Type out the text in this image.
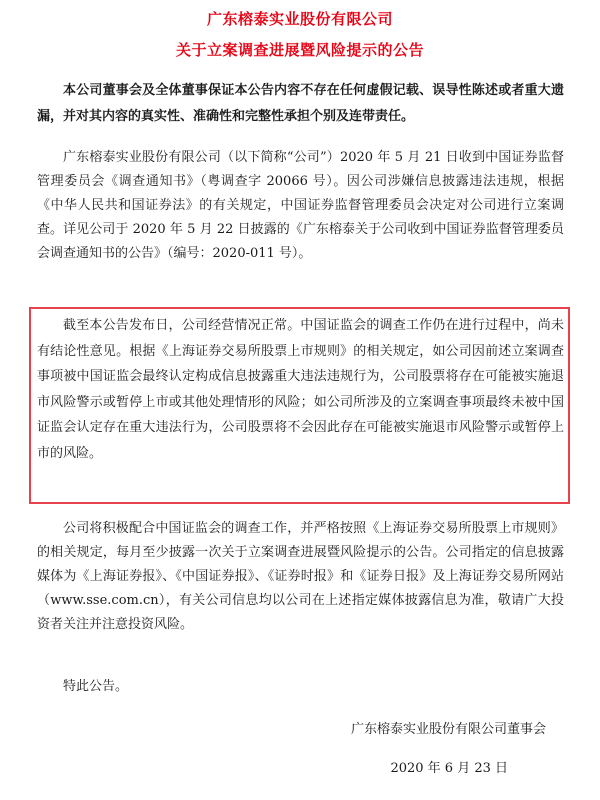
广东榕泰实业股份有限公司
关于立案调查进展暨风险提示的公告

本公司董事会及全体董事保证本公告内容不存在任何虚假记载、误导性陈述或者重大遗漏，并对其内容的真实性、准确性和完整性承担个别及连带责任。

广东榕泰实业股份有限公司（以下简称“公司”）2020 年 5 月 21 日收到中国证券监督管理委员会《调查通知书》（粤调查字 20066 号）。因公司涉嫌信息披露违法违规，根据《中华人民共和国证券法》的有关规定，中国证券监督管理委员会决定对公司进行立案调查。详见公司于 2020 年 5 月 22 日披露的《广东榕泰关于公司收到中国证券监督管理委员会调查通知书的公告》（编号：2020-011 号）。

截至本公告发布日，公司经营情况正常。中国证监会的调查工作仍在进行过程中，尚未有结论性意见。根据《上海证券交易所股票上市规则》的相关规定，如公司因前述立案调查事项被中国证监会最终认定构成信息披露重大违法违规行为，公司股票将存在可能被实施退市风险警示或暂停上市或其他处理情形的风险；如公司所涉及的立案调查事项最终未被中国证监会认定存在重大违法行为，公司股票将不会因此存在可能被实施退市风险警示或暂停上市的风险。

公司将积极配合中国证监会的调查工作，并严格按照《上海证券交易所股票上市规则》的相关规定，每月至少披露一次关于立案调查进展暨风险提示的公告。公司指定的信息披露媒体为《上海证券报》、《中国证券报》、《证券时报》和《证券日报》及上海证券交易所网站（www.sse.com.cn），有关公司信息均以公司在上述指定媒体披露信息为准，敬请广大投资者关注并注意投资风险。

特此公告。

广东榕泰实业股份有限公司董事会

2020 年 6 月 23 日
